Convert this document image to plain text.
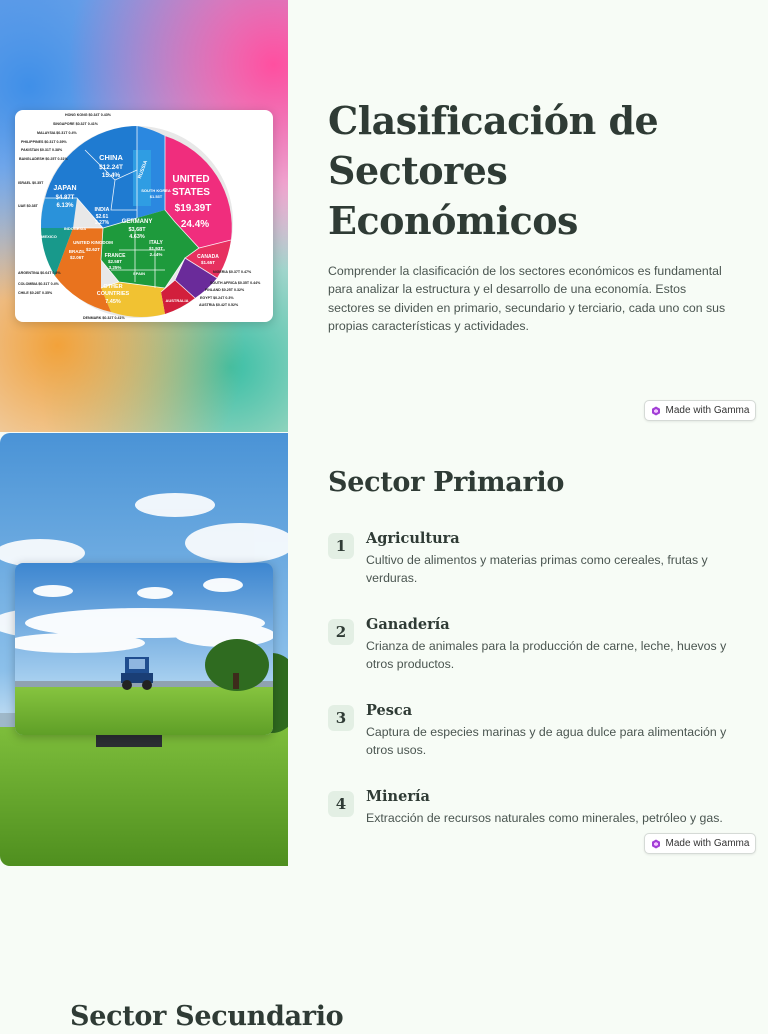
CHINA
$12.24T
15.4%
JAPAN
$4.87T
6.13%
UNITED
STATES
$19.39T
24.4%
RUSSIA
GERMANY
$3.68T
4.63%
INDIA
$2.61
3.27%
UNITED KINGDOM
$2.62T
FRANCE
$2.58T
3.25%
ITALY
$1.93T
2.44%	CANADA
$1.65T
SOUTH KOREA
$1.53T
BRAZIL
$2.06T
MEXICO
INDONESIA
SPAIN
AUSTRALIA
OTHER
COUNTRIES
7.45%
HONG KONG $0.34T 0.43%
SINGAPORE $0.32T 0.41%
MALAYSIA $0.31T 0.4%
PHILIPPINES $0.31T 0.39%
PAKISTAN $0.31T 0.38%
BANGLADESH $0.25T 0.31%
ISRAEL $0.35T
UAE $0.38T
ARGENTINA $0.64T 0.8%
COLOMBIA $0.31T 0.4%
CHILE $0.28T 0.35%
NIGERIA $0.37T 0.47%
SOUTH AFRICA $0.35T 0.44%
FINLAND $0.25T 0.32%
EGYPT $0.24T 0.3%
AUSTRIA $0.42T 0.52%
DENMARK $0.32T 0.41%
Clasificación de Sectores Económicos

Comprender la clasificación de los sectores económicos es fundamental para analizar la estructura y el desarrollo de una economía. Estos sectores se dividen en primario, secundario y terciario, cada uno con sus propias características y actividades.

Made with Gamma
Sector Primario
1	Agricultura

Cultivo de alimentos y materias primas como cereales, frutas y verduras.

2	Ganadería

Crianza de animales para la producción de carne, leche, huevos y otros productos.

3	Pesca

Captura de especies marinas y de agua dulce para alimentación y otros usos.

4	Minería

Extracción de recursos naturales como minerales, petróleo y gas.

Made with Gamma
Sector Secundario
